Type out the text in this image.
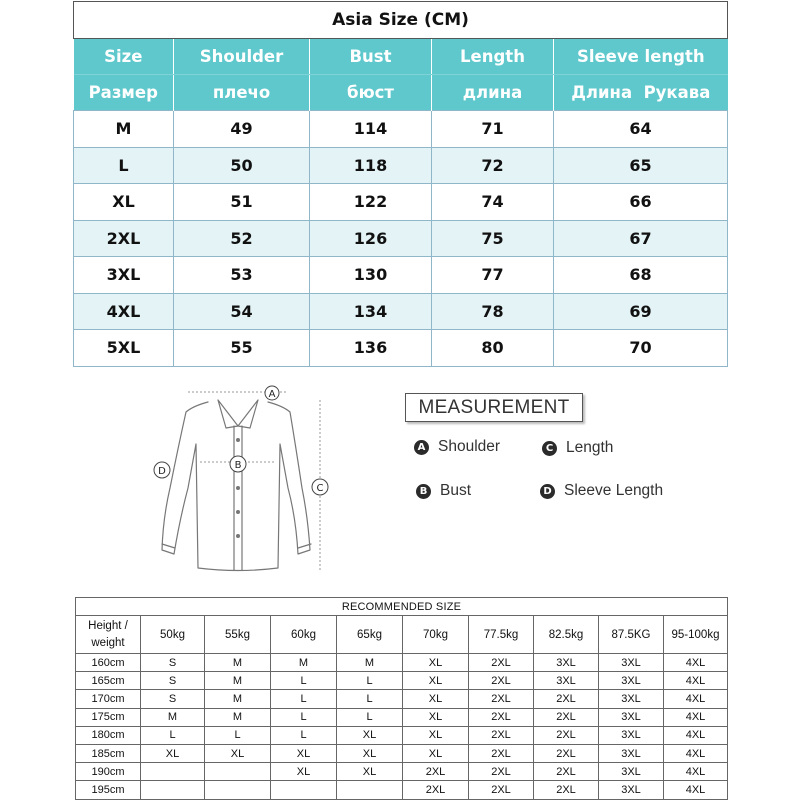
Asia Size (CM)				
Size	Shoulder	Bust	Length	Sleeve length
Размер	плечо	бюст	длина	Длина  Рукава
M	49	114	71	64
L	50	118	72	65
XL	51	122	74	66
2XL	52	126	75	67
3XL	53	130	77	68
4XL	54	134	78	69
5XL	55	136	80	70
A
B
C
D
MEASUREMENT
A Shoulder	C Length
B Bust	D Sleeve Length
RECOMMENDED SIZE									
Height /
weight	50kg	55kg	60kg	65kg	70kg	77.5kg	82.5kg	87.5KG	95-100kg
160cm	S	M	M	M	XL	2XL	3XL	3XL	4XL
165cm	S	M	L	L	XL	2XL	3XL	3XL	4XL
170cm	S	M	L	L	XL	2XL	2XL	3XL	4XL
175cm	M	M	L	L	XL	2XL	2XL	3XL	4XL
180cm	L	L	L	XL	XL	2XL	2XL	3XL	4XL
185cm	XL	XL	XL	XL	XL	2XL	2XL	3XL	4XL
190cm			XL	XL	2XL	2XL	2XL	3XL	4XL
195cm					2XL	2XL	2XL	3XL	4XL
